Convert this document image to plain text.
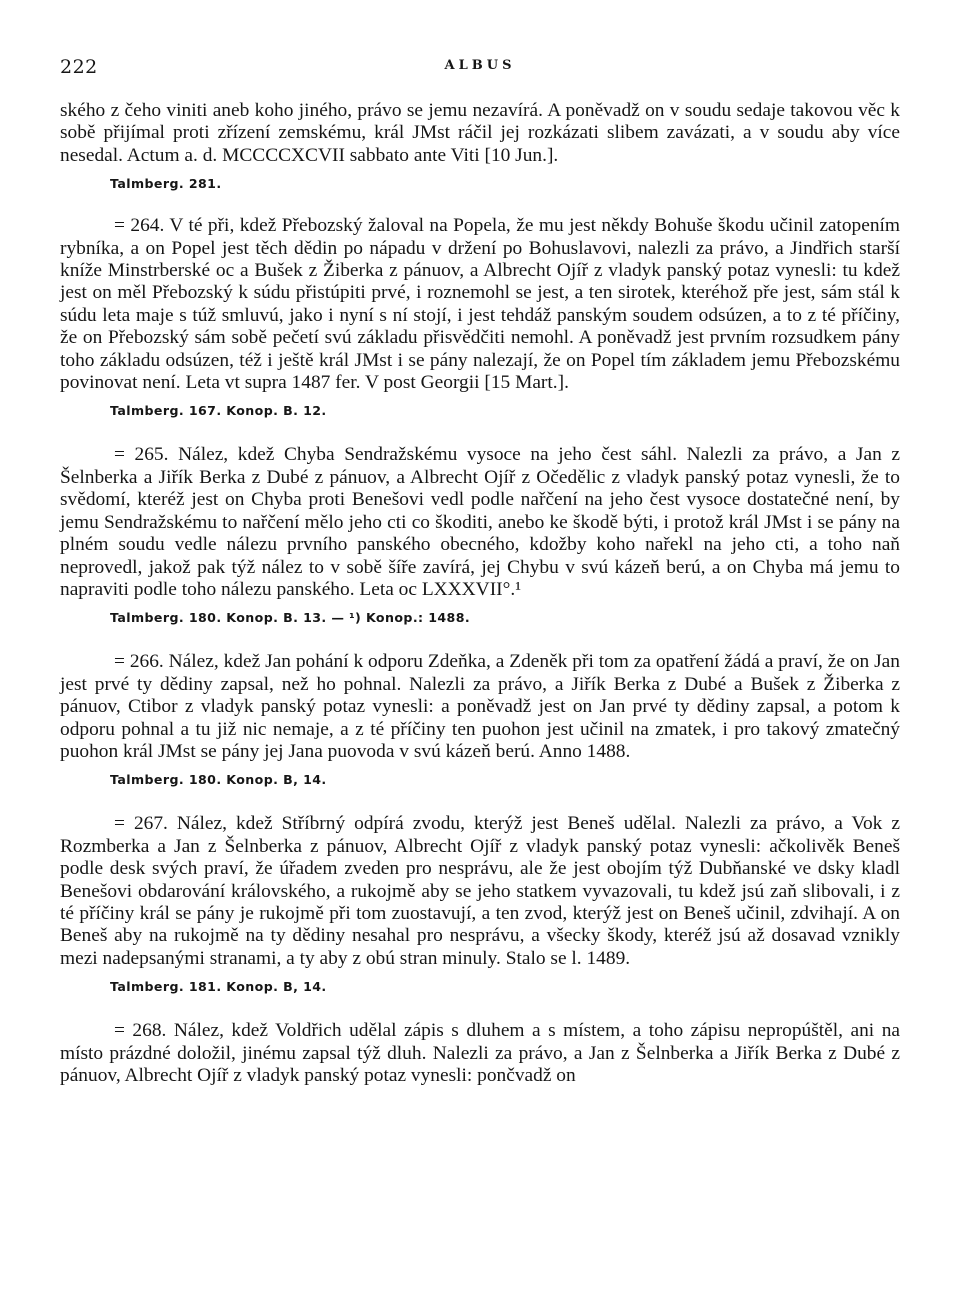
222	ALBUS

ského z čeho viniti aneb koho jiného, právo se jemu nezavírá. A poněvadž on v soudu sedaje takovou věc k sobě přijímal proti zřízení zemskému, král JMst ráčil jej rozkázati slibem zavázati, a v soudu aby více nesedal. Actum a. d. MCCCCXCVII sabbato ante Viti [10 Jun.].

Talmberg. 281.

= 264. V té při, kdež Přebozský žaloval na Popela, že mu jest někdy Bohuše škodu učinil zatopením rybníka, a on Popel jest těch dědin po nápadu v držení po Bohuslavovi, nalezli za právo, a Jindřich starší kníže Minstrberské oc a Bušek z Žiberka z pánuov, a Albrecht Ojíř z vladyk panský potaz vynesli: tu kdež jest on měl Přebozský k súdu přistúpiti prvé, i roznemohl se jest, a ten sirotek, kteréhož pře jest, sám stál k súdu leta maje s túž smluvú, jako i nyní s ní stojí, i jest tehdáž panským soudem odsúzen, a to z té příčiny, že on Přebozský sám sobě pečetí svú základu přisvědčiti nemohl. A poněvadž jest prvním rozsudkem pány toho základu odsúzen, též i ještě král JMst i se pány nalezají, že on Popel tím základem jemu Přebozskému povinovat není. Leta vt supra 1487 fer. V post Georgii [15 Mart.].

Talmberg. 167. Konop. B. 12.

= 265. Nález, kdež Chyba Sendražskému vysoce na jeho čest sáhl. Nalezli za právo, a Jan z Šelnberka a Jiřík Berka z Dubé z pánuov, a Albrecht Ojíř z Očedělic z vladyk panský potaz vynesli, že to svědomí, kteréž jest on Chyba proti Benešovi vedl podle nařčení na jeho čest vysoce dostatečné není, by jemu Sendražskému to nařčení mělo jeho cti co škoditi, anebo ke škodě býti, i protož král JMst i se pány na plném soudu vedle nálezu prvního panského obecného, kdožby koho nařekl na jeho cti, a toho naň neprovedl, jakož pak týž nález to v sobě šíře zavírá, jej Chybu v svú kázeň berú, a on Chyba má jemu to napraviti podle toho nálezu panského. Leta oc LXXXVII°.¹

Talmberg. 180. Konop. B. 13. — ¹) Konop.: 1488.

= 266. Nález, kdež Jan pohání k odporu Zdeňka, a Zdeněk při tom za opatření žádá a praví, že on Jan jest prvé ty dědiny zapsal, než ho pohnal. Nalezli za právo, a Jiřík Berka z Dubé a Bušek z Žiberka z pánuov, Ctibor z vladyk panský potaz vynesli: a poněvadž jest on Jan prvé ty dědiny zapsal, a potom k odporu pohnal a tu již nic nemaje, a z té příčiny ten puohon jest učinil na zmatek, i pro takový zmatečný puohon král JMst se pány jej Jana puovoda v svú kázeň berú. Anno 1488.

Talmberg. 180. Konop. B, 14.

= 267. Nález, kdež Stříbrný odpírá zvodu, kterýž jest Beneš udělal. Nalezli za právo, a Vok z Rozmberka a Jan z Šelnberka z pánuov, Albrecht Ojíř z vladyk panský potaz vynesli: ačkolivěk Beneš podle desk svých praví, že úřadem zveden pro nesprávu, ale že jest obojím týž Dubňanské ve dsky kladl Benešovi obdarování královského, a rukojmě aby se jeho statkem vyvazovali, tu kdež jsú zaň slibovali, i z té příčiny král se pány je rukojmě při tom zuostavují, a ten zvod, kterýž jest on Beneš učinil, zdvihají. A on Beneš aby na rukojmě na ty dědiny nesahal pro nesprávu, a všecky škody, kteréž jsú až dosavad vznikly mezi nadepsanými stranami, a ty aby z obú stran minuly. Stalo se l. 1489.

Talmberg. 181. Konop. B, 14.

= 268. Nález, kdež Voldřich udělal zápis s dluhem a s místem, a toho zápisu nepropúštěl, ani na místo prázdné doložil, jinému zapsal týž dluh. Nalezli za právo, a Jan z Šelnberka a Jiřík Berka z Dubé z pánuov, Albrecht Ojíř z vladyk panský potaz vynesli: pončvadž on
